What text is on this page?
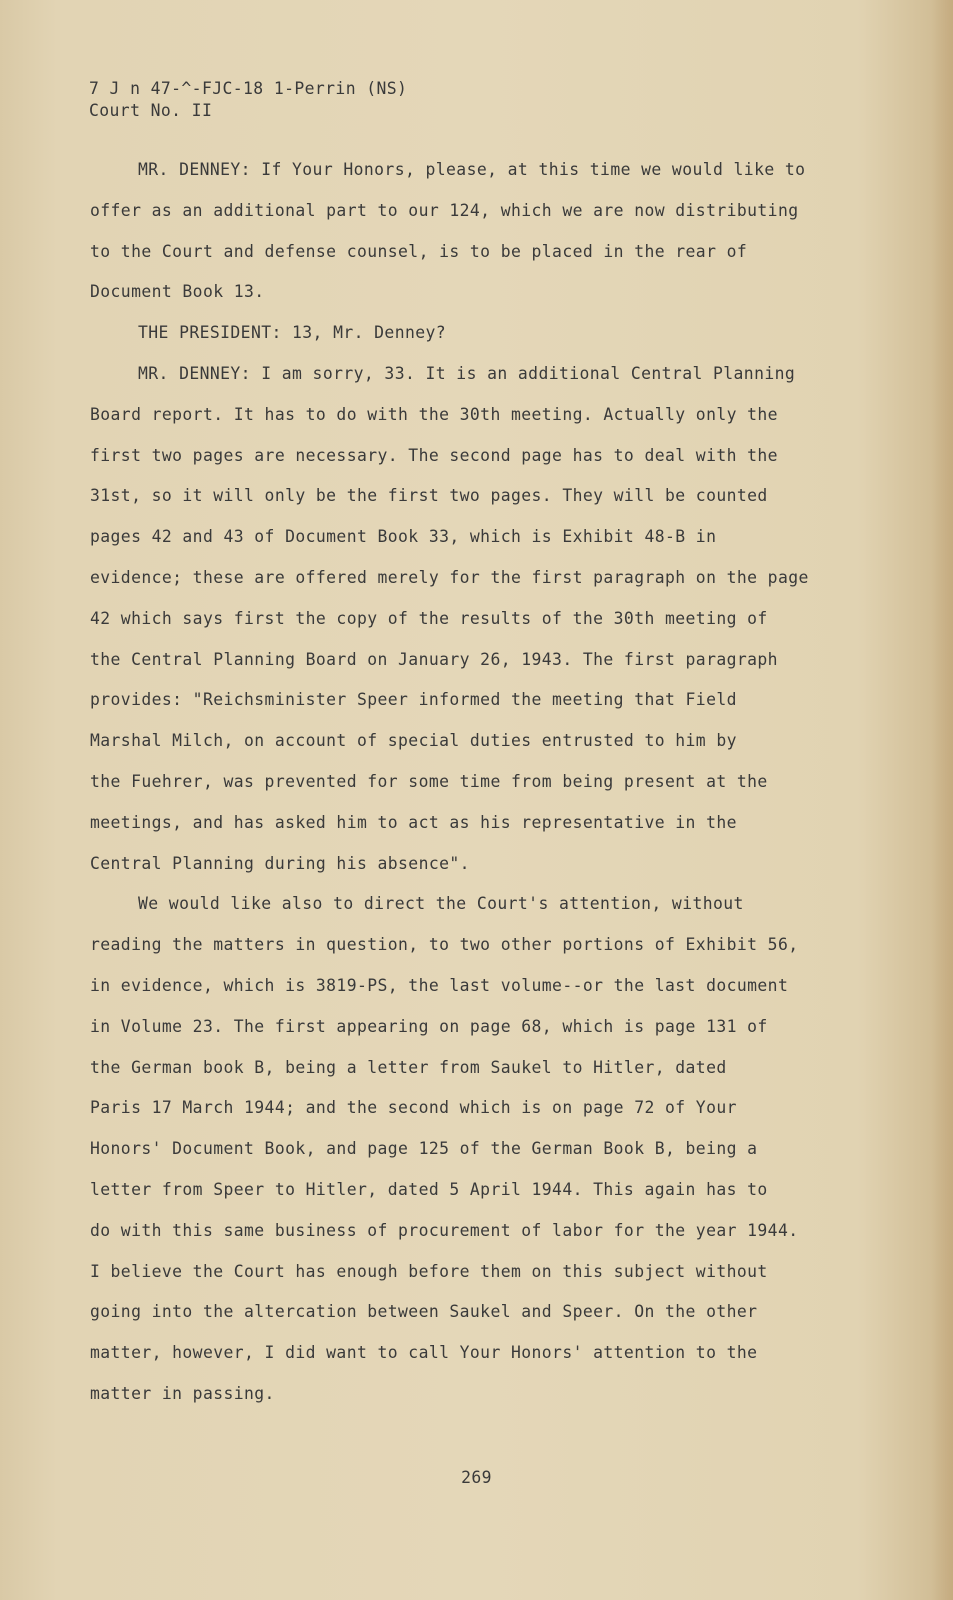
7 J n 47-^-FJC-18 1-Perrin (NS)
Court No. II
MR. DENNEY: If Your Honors, please, at this time we would like to
offer as an additional part to our 124, which we are now distributing
to the Court and defense counsel, is to be placed in the rear of
Document Book 13.
THE PRESIDENT: 13, Mr. Denney?
MR. DENNEY: I am sorry, 33. It is an additional Central Planning
Board report. It has to do with the 30th meeting. Actually only the
first two pages are necessary. The second page has to deal with the
31st, so it will only be the first two pages. They will be counted
pages 42 and 43 of Document Book 33, which is Exhibit 48-B in
evidence; these are offered merely for the first paragraph on the page
42 which says first the copy of the results of the 30th meeting of
the Central Planning Board on January 26, 1943. The first paragraph
provides: "Reichsminister Speer informed the meeting that Field
Marshal Milch, on account of special duties entrusted to him by
the Fuehrer, was prevented for some time from being present at the
meetings, and has asked him to act as his representative in the
Central Planning during his absence".
We would like also to direct the Court's attention, without
reading the matters in question, to two other portions of Exhibit 56,
in evidence, which is 3819-PS, the last volume--or the last document
in Volume 23. The first appearing on page 68, which is page 131 of
the German book B, being a letter from Saukel to Hitler, dated
Paris 17 March 1944; and the second which is on page 72 of Your
Honors' Document Book, and page 125 of the German Book B, being a
letter from Speer to Hitler, dated 5 April 1944. This again has to
do with this same business of procurement of labor for the year 1944.
I believe the Court has enough before them on this subject without
going into the altercation between Saukel and Speer. On the other
matter, however, I did want to call Your Honors' attention to the
matter in passing.
269
